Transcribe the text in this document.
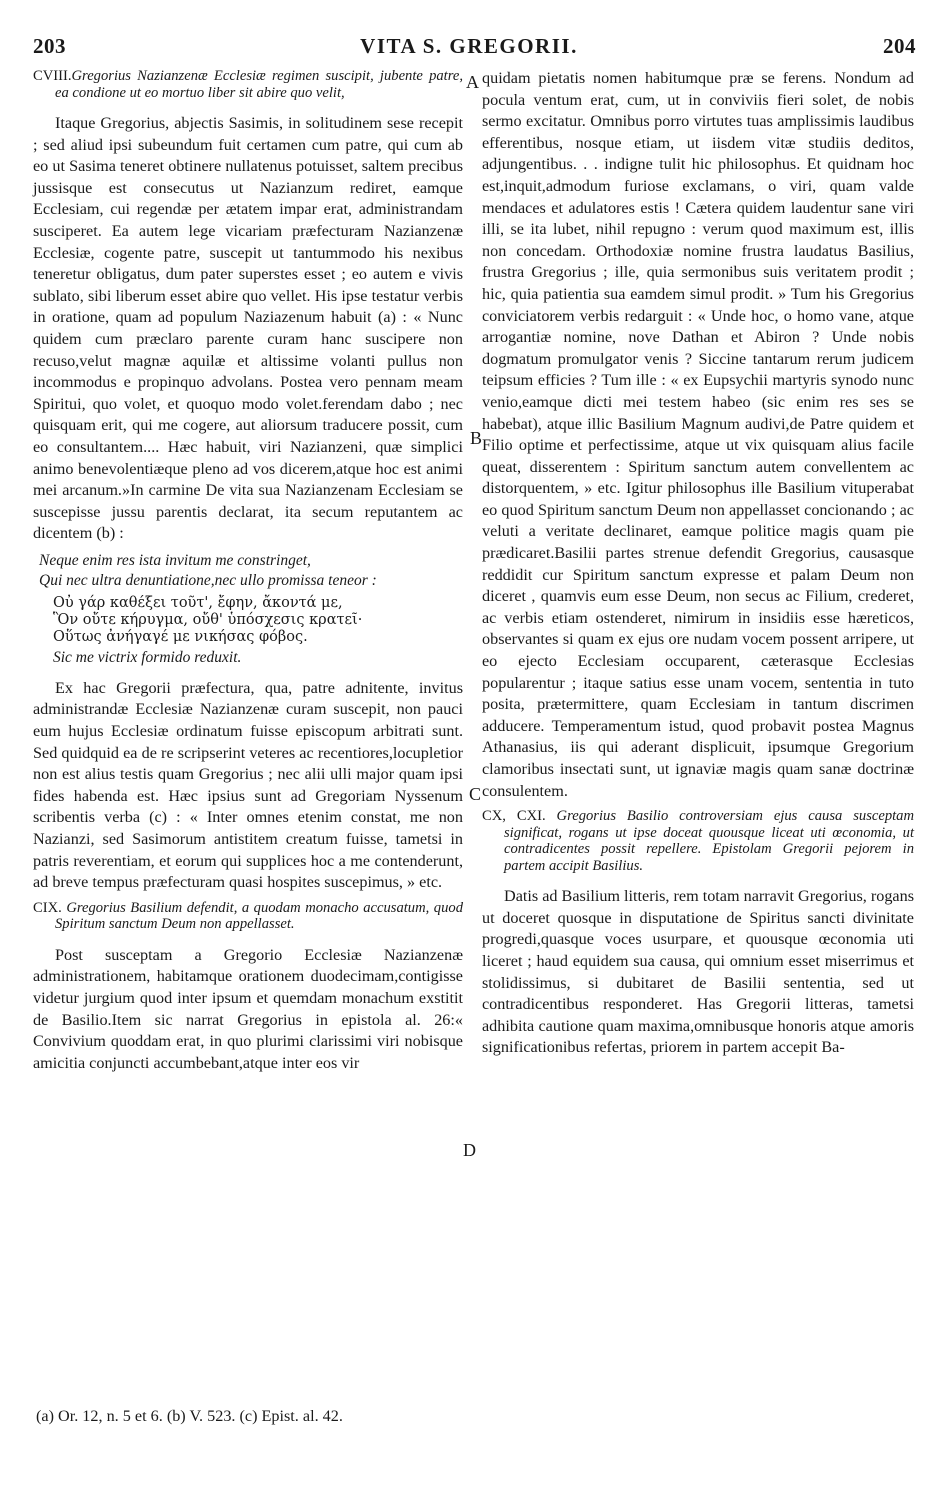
VITA S. GREGORII.
203	204
A
B
C
D

CVIII.Gregorius Nazianzenæ Ecclesiæ regimen suscipit, jubente patre, ea condione ut eo mortuo liber sit abire quo velit,

Itaque Gregorius, abjectis Sasimis, in solitudinem sese recepit ; sed aliud ipsi subeundum fuit certamen cum patre, qui cum ab eo ut Sasima teneret obtinere nullatenus potuisset, saltem precibus jussisque est consecutus ut Nazianzum rediret, eamque Ecclesiam, cui regendæ per ætatem impar erat, administrandam susciperet. Ea autem lege vicariam præfecturam Nazianzenæ Ecclesiæ, cogente patre, suscepit ut tantummodo his nexibus teneretur obligatus, dum pater superstes esset ; eo autem e vivis sublato, sibi liberum esset abire quo vellet. His ipse testatur verbis in oratione, quam ad populum Naziazenum habuit (a) : « Nunc quidem cum præclaro parente curam hanc suscipere non recuso,velut magnæ aquilæ et altissime volanti pullus non incommodus e propinquo advolans. Postea vero pennam meam Spiritui, quo volet, et quoquo modo volet.ferendam dabo ; nec quisquam erit, qui me cogere, aut aliorsum traducere possit, cum eo consultantem.... Hæc habuit, viri Nazianzeni, quæ simplici animo benevolentiæque pleno ad vos dicerem,atque hoc est animi mei arcanum.»In carmine De vita sua Nazianzenam Ecclesiam se suscepisse jussu parentis declarat, ita secum reputantem ac dicentem (b) :

Neque enim res ista invitum me constringet,
Qui nec ultra denuntiatione,nec ullo promissa teneor :
Οὐ γάρ καθέξει τοῦτ', ἔφην, ἄκοντά με,
Ὃν οὔτε κήρυγμα, οὔθ' ὑπόσχεσις κρατεῖ·
Οὕτως ἀνήγαγέ με νικήσας φόβος.
Sic me victrix formido reduxit.

Ex hac Gregorii præfectura, qua, patre adnitente, invitus administrandæ Ecclesiæ Nazianzenæ curam suscepit, non pauci eum hujus Ecclesiæ ordinatum fuisse episcopum arbitrati sunt. Sed quidquid ea de re scripserint veteres ac recentiores,locupletior non est alius testis quam Gregorius ; nec alii ulli major quam ipsi fides habenda est. Hæc ipsius sunt ad Gregoriam Nyssenum scribentis verba (c) : « Inter omnes etenim constat, me non Nazianzi, sed Sasimorum antistitem creatum fuisse, tametsi in patris reverentiam, et eorum qui supplices hoc a me contenderunt, ad breve tempus præfecturam quasi hospites suscepimus, » etc.

CIX. Gregorius Basilium defendit, a quodam monacho accusatum, quod Spiritum sanctum Deum non appellasset.

Post susceptam a Gregorio Ecclesiæ Nazianzenæ administrationem, habitamque orationem duodecimam,contigisse videtur jurgium quod inter ipsum et quemdam monachum exstitit de Basilio.Item sic narrat Gregorius in epistola al. 26:« Convivium quoddam erat, in quo plurimi clarissimi viri nobisque amicitia conjuncti accumbebant,atque inter eos vir

quidam pietatis nomen habitumque præ se ferens. Nondum ad pocula ventum erat, cum, ut in conviviis fieri solet, de nobis sermo excitatur. Omnibus porro virtutes tuas amplissimis laudibus efferentibus, nosque etiam, ut iisdem vitæ studiis deditos, adjungentibus. . . indigne tulit hic philosophus. Et quidnam hoc est,inquit,admodum furiose exclamans, o viri, quam valde mendaces et adulatores estis ! Cætera quidem laudentur sane viri illi, se ita lubet, nihil repugno : verum quod maximum est, illis non concedam. Orthodoxiæ nomine frustra laudatus Basilius, frustra Gregorius ; ille, quia sermonibus suis veritatem prodit ; hic, quia patientia sua eamdem simul prodit. » Tum his Gregorius conviciatorem verbis redarguit : « Unde hoc, o homo vane, atque arrogantiæ nomine, nove Dathan et Abiron ? Unde nobis dogmatum promulgator venis ? Siccine tantarum rerum judicem teipsum efficies ? Tum ille : « ex Eupsychii martyris synodo nunc venio,eamque dicti mei testem habeo (sic enim res ses se habebat), atque illic Basilium Magnum audivi,de Patre quidem et Filio optime et perfectissime, atque ut vix quisquam alius facile queat, disserentem : Spiritum sanctum autem convellentem ac distorquentem, » etc. Igitur philosophus ille Basilium vituperabat eo quod Spiritum sanctum Deum non appellasset concionando ; ac veluti a veritate declinaret, eamque politice magis quam pie prædicaret.Basilii partes strenue defendit Gregorius, causasque reddidit cur Spiritum sanctum expresse et palam Deum non diceret , quamvis eum esse Deum, non secus ac Filium, crederet, ac verbis etiam ostenderet, nimirum in insidiis esse hæreticos, observantes si quam ex ejus ore nudam vocem possent arripere, ut eo ejecto Ecclesiam occuparent, cæterasque Ecclesias popularentur ; itaque satius esse unam vocem, sententia in tuto posita, prætermittere, quam Ecclesiam in tantum discrimen adducere. Temperamentum istud, quod probavit postea Magnus Athanasius, iis qui aderant displicuit, ipsumque Gregorium clamoribus insectati sunt, ut ignaviæ magis quam sanæ doctrinæ consulentem.

CX, CXI. Gregorius Basilio controversiam ejus causa susceptam significat, rogans ut ipse doceat quousque liceat uti œconomia, ut contradicentes possit repellere. Epistolam Gregorii pejorem in partem accipit Basilius.

Datis ad Basilium litteris, rem totam narravit Gregorius, rogans ut doceret quosque in disputatione de Spiritus sancti divinitate progredi,quasque voces usurpare, et quousque œconomia uti liceret ; haud equidem sua causa, qui omnium esset miserrimus et stolidissimus, si dubitaret de Basilii sententia, sed ut contradicentibus responderet. Has Gregorii litteras, tametsi adhibita cautione quam maxima,omnibusque honoris atque amoris significationibus refertas, priorem in partem accepit Ba-

(a) Or. 12, n. 5 et 6. (b) V. 523. (c) Epist. al. 42.
